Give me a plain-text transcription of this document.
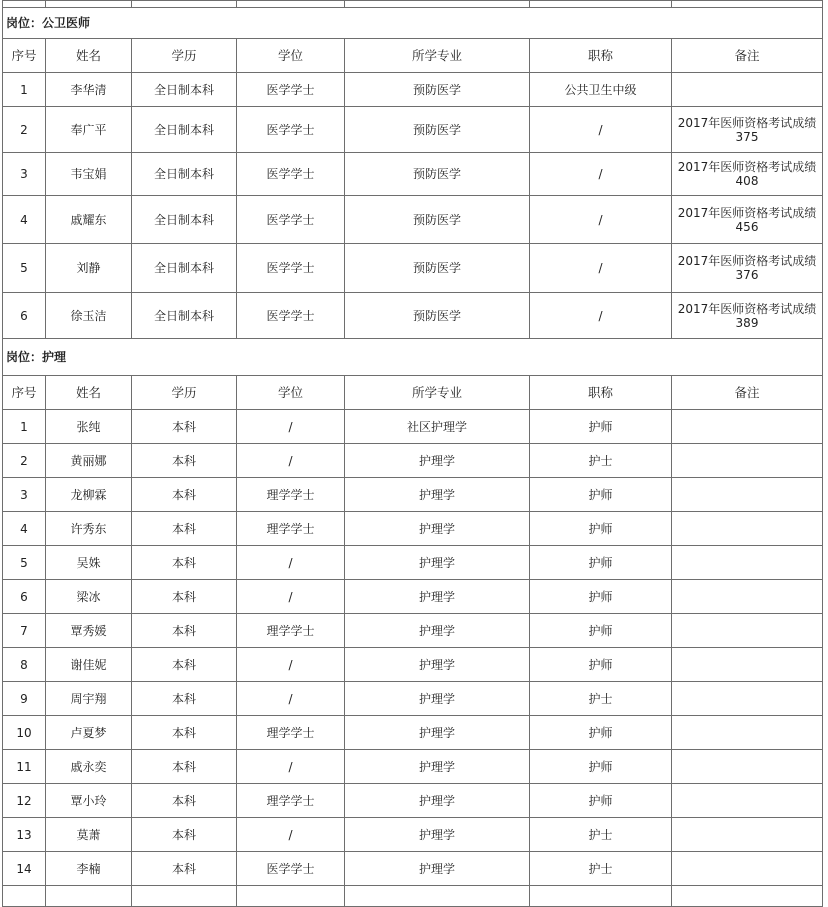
岗位：公卫医师						
序号	姓名	学历	学位	所学专业	职称	备注
1	李华清	全日制本科	医学学士	预防医学	公共卫生中级	
2	奉广平	全日制本科	医学学士	预防医学	/	2017年医师资格考试成绩375
3	韦宝娟	全日制本科	医学学士	预防医学	/	2017年医师资格考试成绩408
4	戚耀东	全日制本科	医学学士	预防医学	/	2017年医师资格考试成绩456
5	刘静	全日制本科	医学学士	预防医学	/	2017年医师资格考试成绩376
6	徐玉洁	全日制本科	医学学士	预防医学	/	2017年医师资格考试成绩389
岗位：护理						
序号	姓名	学历	学位	所学专业	职称	备注
1	张纯	本科	/	社区护理学	护师	
2	黄丽娜	本科	/	护理学	护士	
3	龙柳霖	本科	理学学士	护理学	护师	
4	许秀东	本科	理学学士	护理学	护师	
5	吴姝	本科	/	护理学	护师	
6	梁冰	本科	/	护理学	护师	
7	覃秀媛	本科	理学学士	护理学	护师	
8	谢佳妮	本科	/	护理学	护师	
9	周宇翔	本科	/	护理学	护士	
10	卢夏梦	本科	理学学士	护理学	护师	
11	戚永奕	本科	/	护理学	护师	
12	覃小玲	本科	理学学士	护理学	护师	
13	莫萧	本科	/	护理学	护士	
14	李楠	本科	医学学士	护理学	护士	
